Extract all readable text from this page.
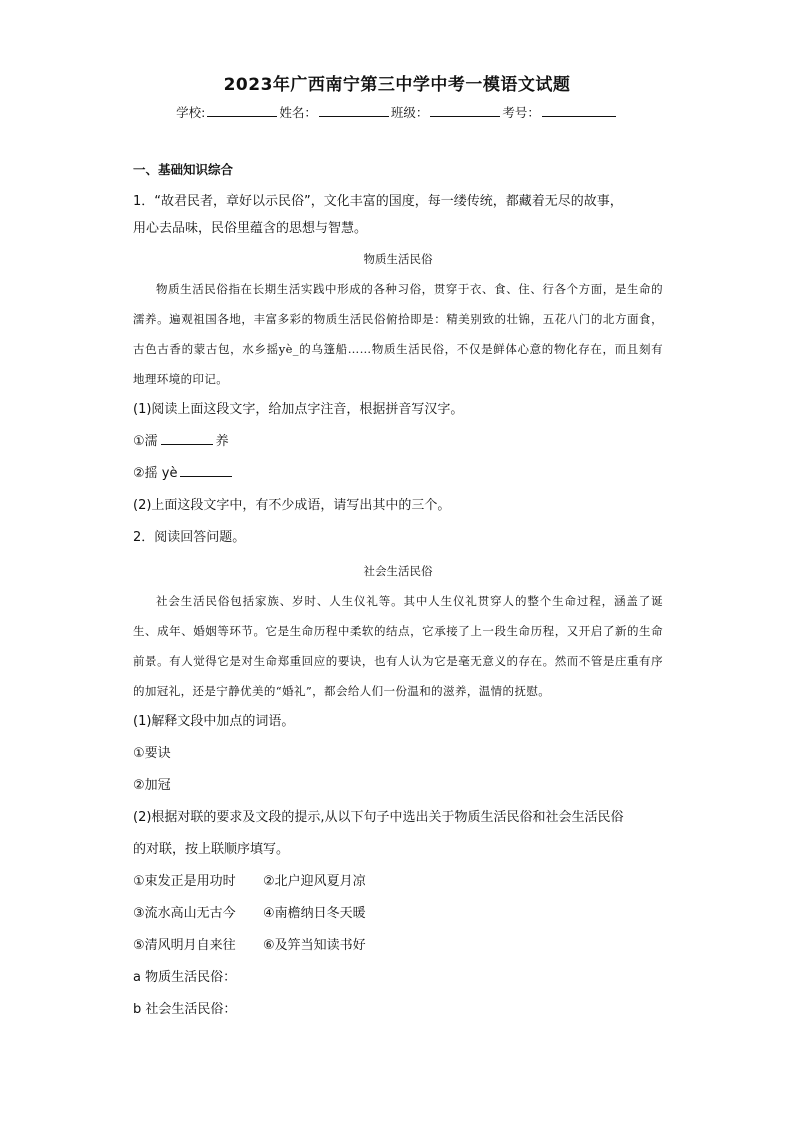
2023年广西南宁第三中学中考一模语文试题
学校:	姓名：	班级：	考号：
一、基础知识综合
1．“故君民者，章好以示民俗”，文化丰富的国度，每一缕传统，都藏着无尽的故事，
用心去品味，民俗里蕴含的思想与智慧。
物质生活民俗
物质生活民俗指在长期生活实践中形成的各种习俗，贯穿于衣、食、住、行各个方面，是生命的濡养。遍观祖国各地，丰富多彩的物质生活民俗俯拾即是：精美别致的壮锦，五花八门的北方面食，古色古香的蒙古包，水乡摇yè_的乌篷船……物质生活民俗，不仅是鲜体心意的物化存在，而且刻有地理环境的印记。
(1)阅读上面这段文字，给加点字注音，根据拼音写汉字。
①濡	养
②摇 yè
(2)上面这段文字中，有不少成语，请写出其中的三个。
2．阅读回答问题。
社会生活民俗
社会生活民俗包括家族、岁时、人生仪礼等。其中人生仪礼贯穿人的整个生命过程，涵盖了诞生、成年、婚姻等环节。它是生命历程中柔软的结点，它承接了上一段生命历程，又开启了新的生命前景。有人觉得它是对生命郑重回应的要诀，也有人认为它是毫无意义的存在。然而不管是庄重有序的加冠礼，还是宁静优美的“婚礼”，都会给人们一份温和的滋养，温情的抚慰。
(1)解释文段中加点的词语。
①要诀
②加冠
(2)根据对联的要求及文段的提示,从以下句子中选出关于物质生活民俗和社会生活民俗
的对联，按上联顺序填写。
①束发正是用功时 ②北户迎风夏月凉
③流水高山无古今 ④南檐纳日冬天暖
⑤清风明月自来往 ⑥及笄当知读书好
a 物质生活民俗：
b 社会生活民俗：
